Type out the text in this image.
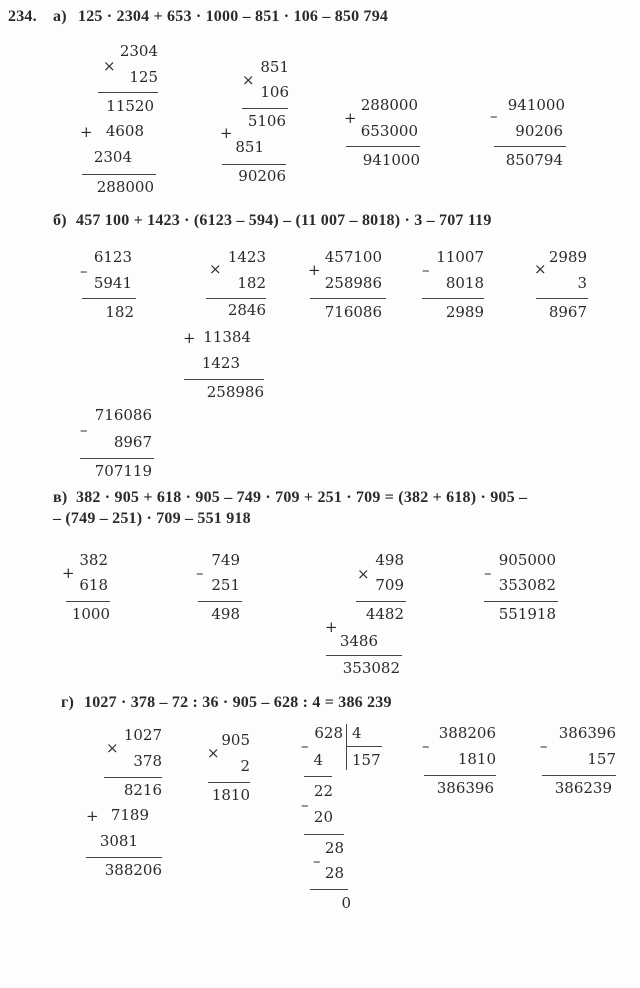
234. а) 125 · 2304 + 653 · 1000 – 851 · 106 – 850 794
×
2304
125
11520
+ 4608
2304
288000
×
851
106
5106
+
851
90206
+
288000
653000
941000
–
941000
90206
850794
б) 457 100 + 1423 · (6123 – 594) – (11 007 – 8018) · 3 – 707 119
–
6123
5941
182
×
1423
182
2846
+ 11384
1423
258986
+
457100
258986
716086
–
11007
8018
2989
×
2989
3
8967
–
716086
8967
707119
в) 382 · 905 + 618 · 905 – 749 · 709 + 251 · 709 = (382 + 618) · 905 –
– (749 – 251) · 709 – 551 918
+
382
618
1000
–
749
251
498
×
498
709
4482
+
3486
353082
–
905000
353082
551918
г) 1027 · 378 – 72 : 36 · 905 – 628 : 4 = 386 239
×
1027
378
8216
+ 7189
3081
388206
×
905
2
1810
–
628 4
157
4
–
22
20
–
28
28
0
–
388206
1810
386396
–
386396
157
386239
